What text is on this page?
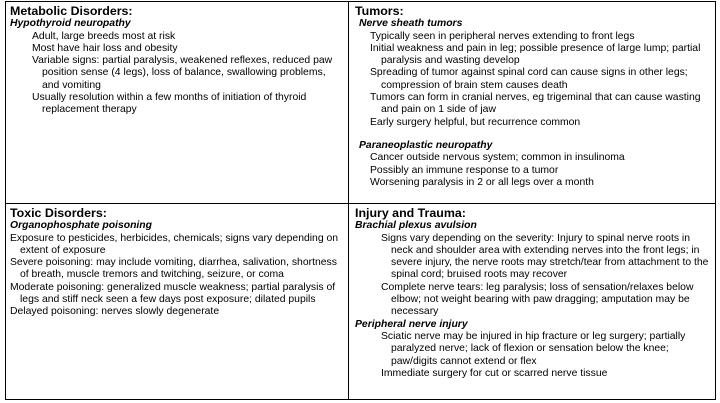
Metabolic Disorders:
Hypothyroid neuropathy
Adult, large breeds most at risk
Most have hair loss and obesity
Variable signs: partial paralysis, weakened reflexes, reduced paw position sense (4 legs), loss of balance, swallowing problems, and vomiting
Usually resolution within a few months of initiation of thyroid replacement therapy
Tumors:
Nerve sheath tumors
Typically seen in peripheral nerves extending to front legs
Initial weakness and pain in leg; possible presence of large lump; partial paralysis and wasting develop
Spreading of tumor against spinal cord can cause signs in other legs; compression of brain stem causes death
Tumors can form in cranial nerves, eg trigeminal that can cause wasting and pain on 1 side of jaw
Early surgery helpful, but recurrence common
Paraneoplastic neuropathy
Cancer outside nervous system; common in insulinoma
Possibly an immune response to a tumor
Worsening paralysis in 2 or all legs over a month
Toxic Disorders:
Organophosphate poisoning
Exposure to pesticides, herbicides, chemicals; signs vary depending on extent of exposure
Severe poisoning: may include vomiting, diarrhea, salivation, shortness of breath, muscle tremors and twitching, seizure, or coma
Moderate poisoning: generalized muscle weakness; partial paralysis of legs and stiff neck seen a few days post exposure; dilated pupils
Delayed poisoning: nerves slowly degenerate
Injury and Trauma:
Brachial plexus avulsion
Signs vary depending on the severity: Injury to spinal nerve roots in neck and shoulder area with extending nerves into the front legs; in severe injury, the nerve roots may stretch/tear from attachment to the spinal cord; bruised roots may recover
Complete nerve tears: leg paralysis; loss of sensation/relaxes below elbow; not weight bearing with paw dragging; amputation may be necessary
Peripheral nerve injury
Sciatic nerve may be injured in hip fracture or leg surgery; partially paralyzed nerve; lack of flexion or sensation below the knee; paw/digits cannot extend or flex
Immediate surgery for cut or scarred nerve tissue
